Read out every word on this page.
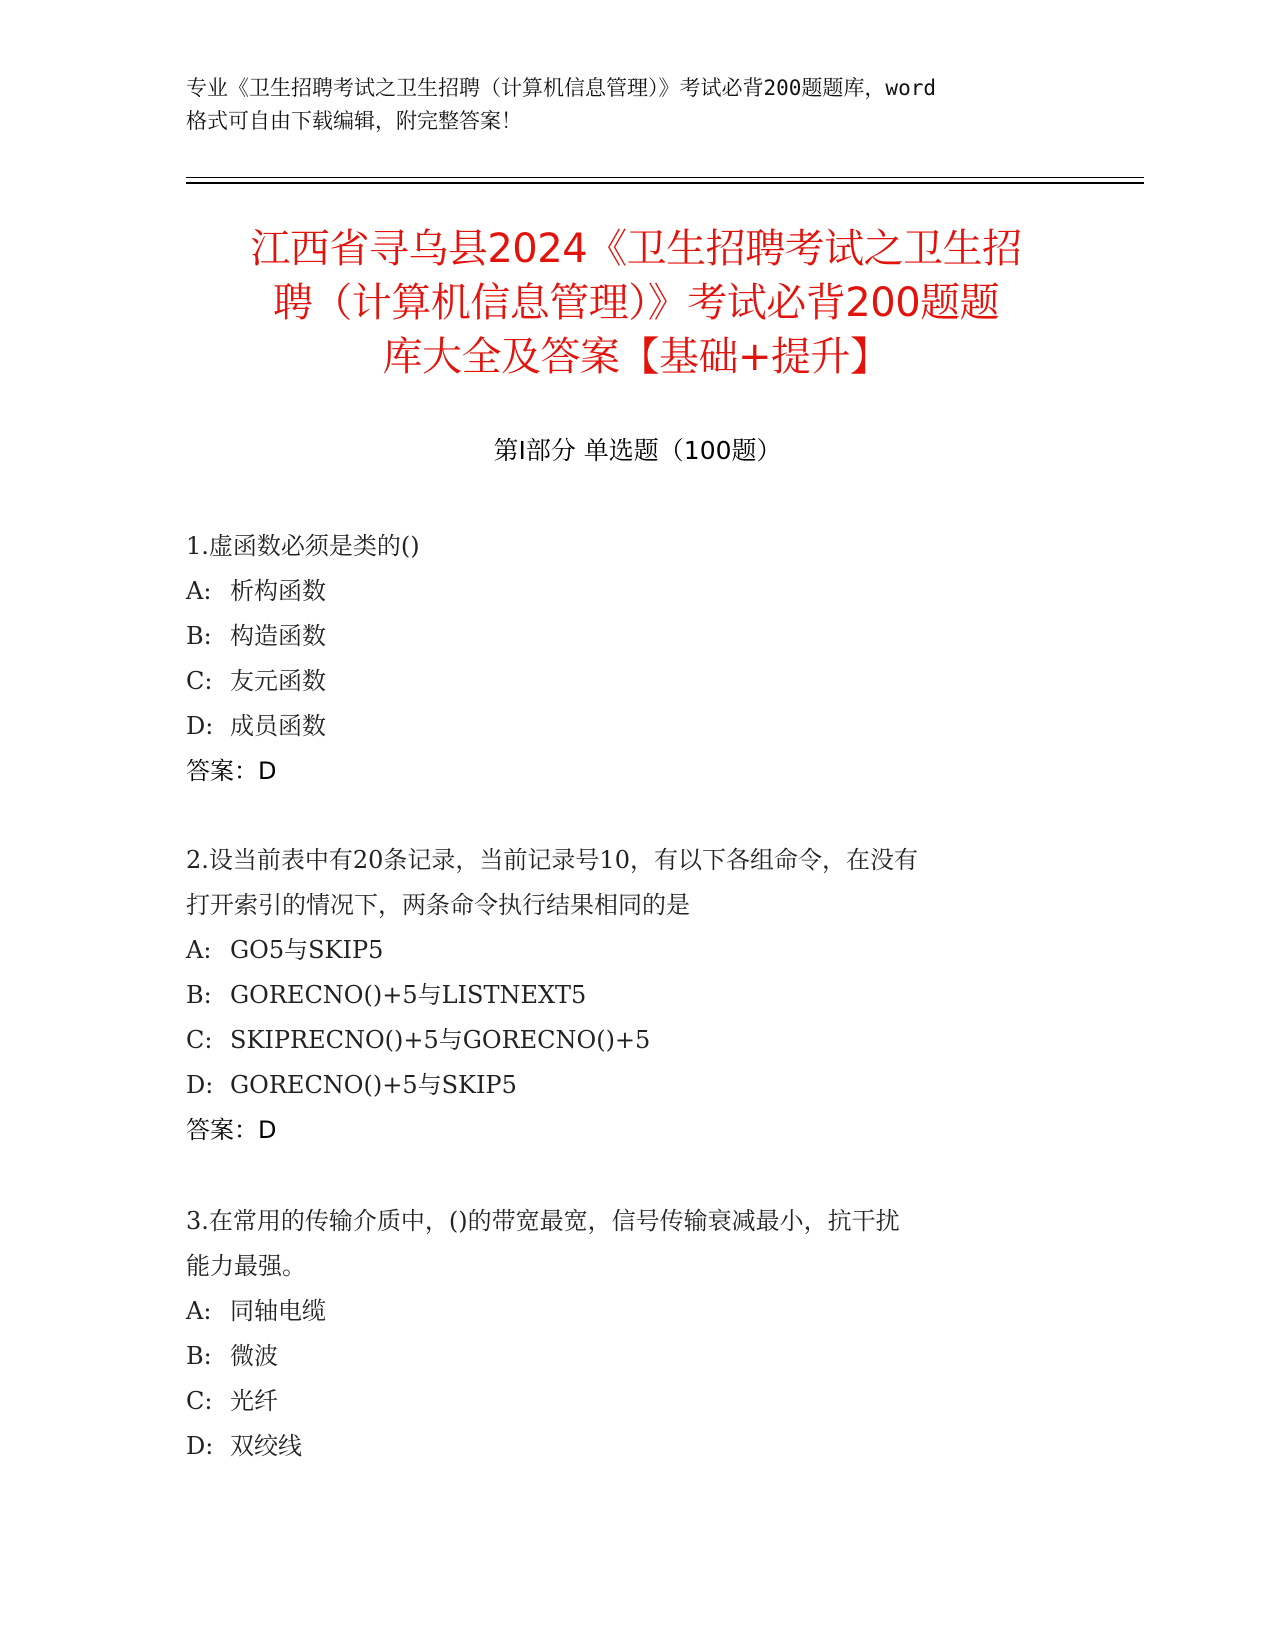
专业《卫生招聘考试之卫生招聘（计算机信息管理）》考试必背200题题库，word
格式可自由下载编辑，附完整答案！
江西省寻乌县2024《卫生招聘考试之卫生招
聘（计算机信息管理）》考试必背200题题
库大全及答案【基础+提升】
第I部分 单选题（100题）
1.虚函数必须是类的()
A: 析构函数
B: 构造函数
C: 友元函数
D: 成员函数
答案：D
2.设当前表中有20条记录，当前记录号10，有以下各组命令，在没有
打开索引的情况下，两条命令执行结果相同的是
A: GO5与SKIP5
B: GORECNO()+5与LISTNEXT5
C: SKIPRECNO()+5与GORECNO()+5
D: GORECNO()+5与SKIP5
答案：D
3.在常用的传输介质中，()的带宽最宽，信号传输衰减最小，抗干扰
能力最强。
A: 同轴电缆
B: 微波
C: 光纤
D: 双绞线
